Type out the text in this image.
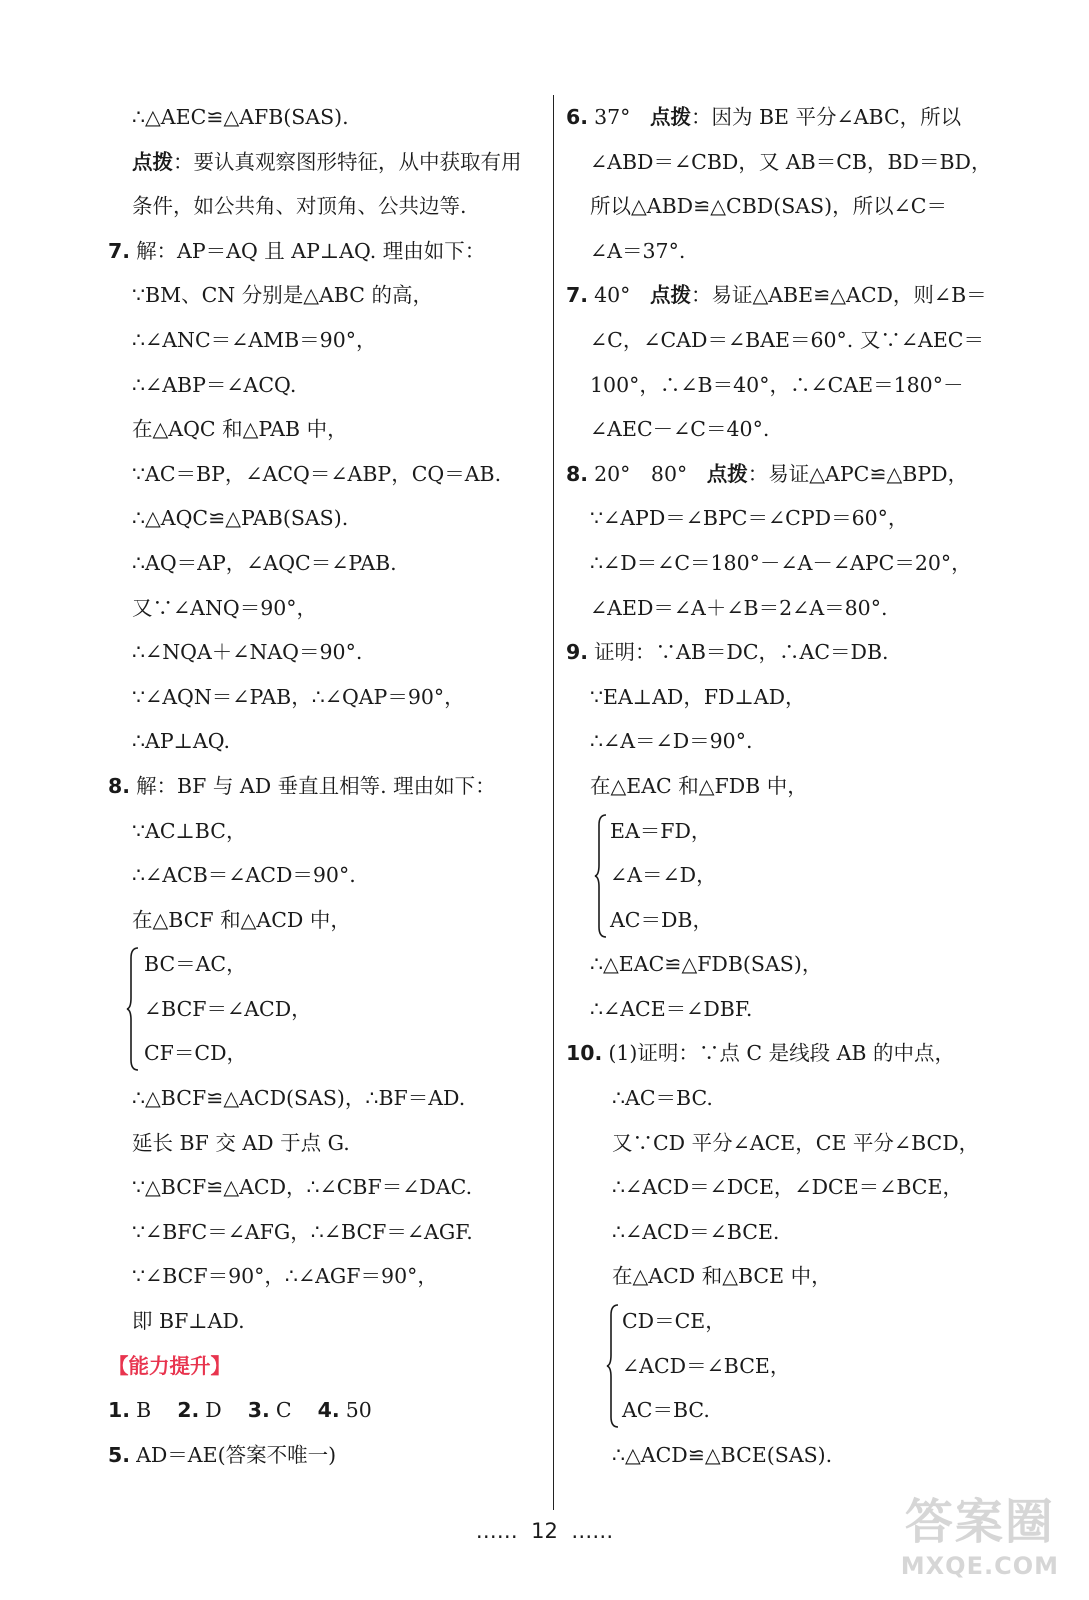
∴△AEC≌△AFB(SAS).
点拨：要认真观察图形特征，从中获取有用
条件，如公共角、对顶角、公共边等.
7. 解：AP＝AQ 且 AP⊥AQ. 理由如下：
∵BM、CN 分别是△ABC 的高，
∴∠ANC＝∠AMB＝90°，
∴∠ABP＝∠ACQ.
在△AQC 和△PAB 中，
∵AC＝BP，∠ACQ＝∠ABP，CQ＝AB.
∴△AQC≌△PAB(SAS).
∴AQ＝AP，∠AQC＝∠PAB.
又∵∠ANQ＝90°，
∴∠NQA＋∠NAQ＝90°.
∵∠AQN＝∠PAB，∴∠QAP＝90°，
∴AP⊥AQ.
8. 解：BF 与 AD 垂直且相等. 理由如下：
∵AC⊥BC，
∴∠ACB＝∠ACD＝90°.
在△BCF 和△ACD 中，
BC＝AC，
∠BCF＝∠ACD，
CF＝CD，
∴△BCF≌△ACD(SAS)，∴BF＝AD.
延长 BF 交 AD 于点 G.
∵△BCF≌△ACD，∴∠CBF＝∠DAC.
∵∠BFC＝∠AFG，∴∠BCF＝∠AGF.
∵∠BCF＝90°，∴∠AGF＝90°，
即 BF⊥AD.
【能力提升】
1. B 2. D 3. C 4. 50
5. AD＝AE(答案不唯一)
6. 37° 点拨：因为 BE 平分∠ABC，所以
∠ABD＝∠CBD，又 AB＝CB，BD＝BD，
所以△ABD≌△CBD(SAS)，所以∠C＝
∠A＝37°.
7. 40° 点拨：易证△ABE≌△ACD，则∠B＝
∠C，∠CAD＝∠BAE＝60°. 又∵∠AEC＝
100°，∴∠B＝40°，∴∠CAE＝180°－
∠AEC－∠C＝40°.
8. 20°　80° 点拨：易证△APC≌△BPD，
∵∠APD＝∠BPC＝∠CPD＝60°，
∴∠D＝∠C＝180°－∠A－∠APC＝20°，
∠AED＝∠A＋∠B＝2∠A＝80°.
9. 证明：∵AB＝DC，∴AC＝DB.
∵EA⊥AD，FD⊥AD，
∴∠A＝∠D＝90°.
在△EAC 和△FDB 中，
EA＝FD，
∠A＝∠D，
AC＝DB，
∴△EAC≌△FDB(SAS)，
∴∠ACE＝∠DBF.
10. (1)证明：∵点 C 是线段 AB 的中点，
∴AC＝BC.
又∵CD 平分∠ACE，CE 平分∠BCD，
∴∠ACD＝∠DCE，∠DCE＝∠BCE，
∴∠ACD＝∠BCE.
在△ACD 和△BCE 中，
CD＝CE，
∠ACD＝∠BCE，
AC＝BC.
∴△ACD≌△BCE(SAS).
…… 12 ……	答案圈
MXQE.COM
